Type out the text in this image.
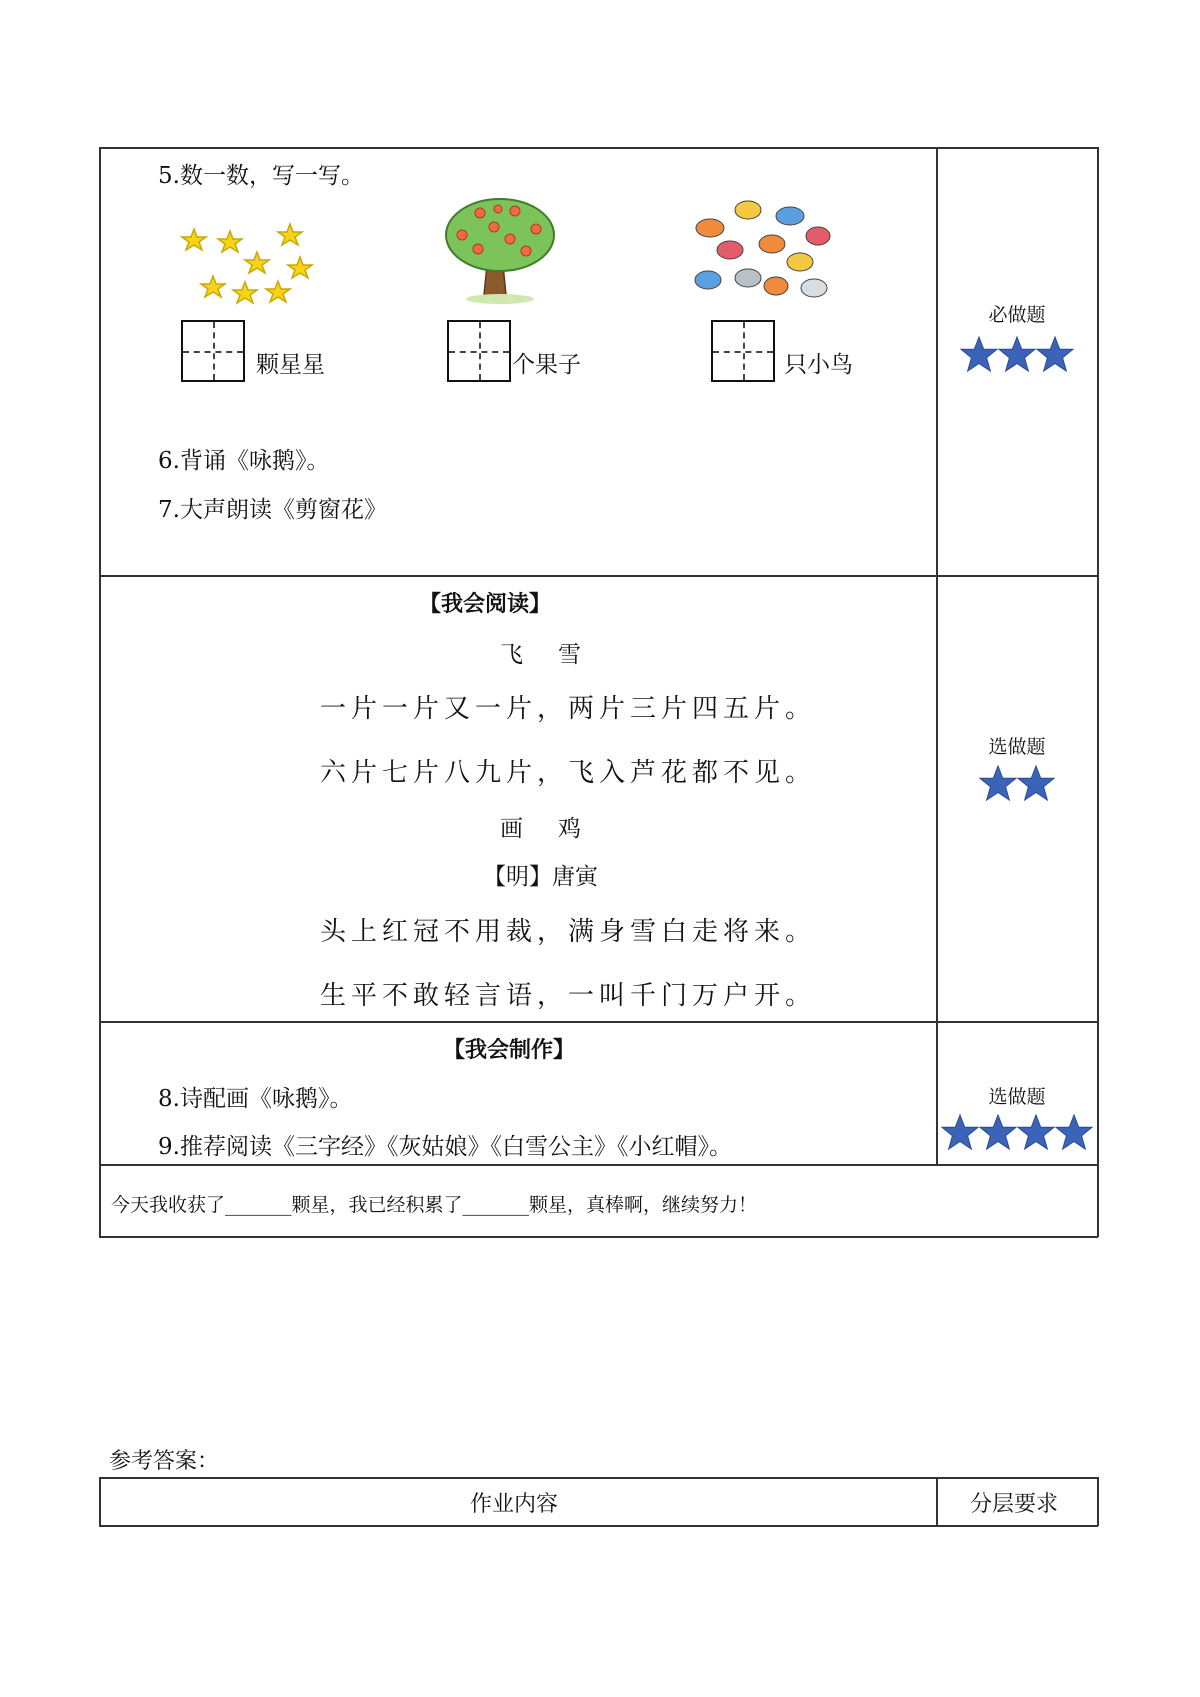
5.数一数，写一写。
颗星星	个果子	只小鸟
6.背诵《咏鹅》。
7.大声朗读《剪窗花》
必做题
【我会阅读】
飞　雪
一片一片又一片，两片三片四五片。
六片七片八九片，飞入芦花都不见。
画　鸡
【明】唐寅
头上红冠不用裁，满身雪白走将来。
生平不敢轻言语，一叫千门万户开。
选做题
【我会制作】
8.诗配画《咏鹅》。
9.推荐阅读《三字经》《灰姑娘》《白雪公主》《小红帽》。
选做题
今天我收获了_______颗星，我已经积累了_______颗星，真棒啊，继续努力！
参考答案：
作业内容	分层要求
